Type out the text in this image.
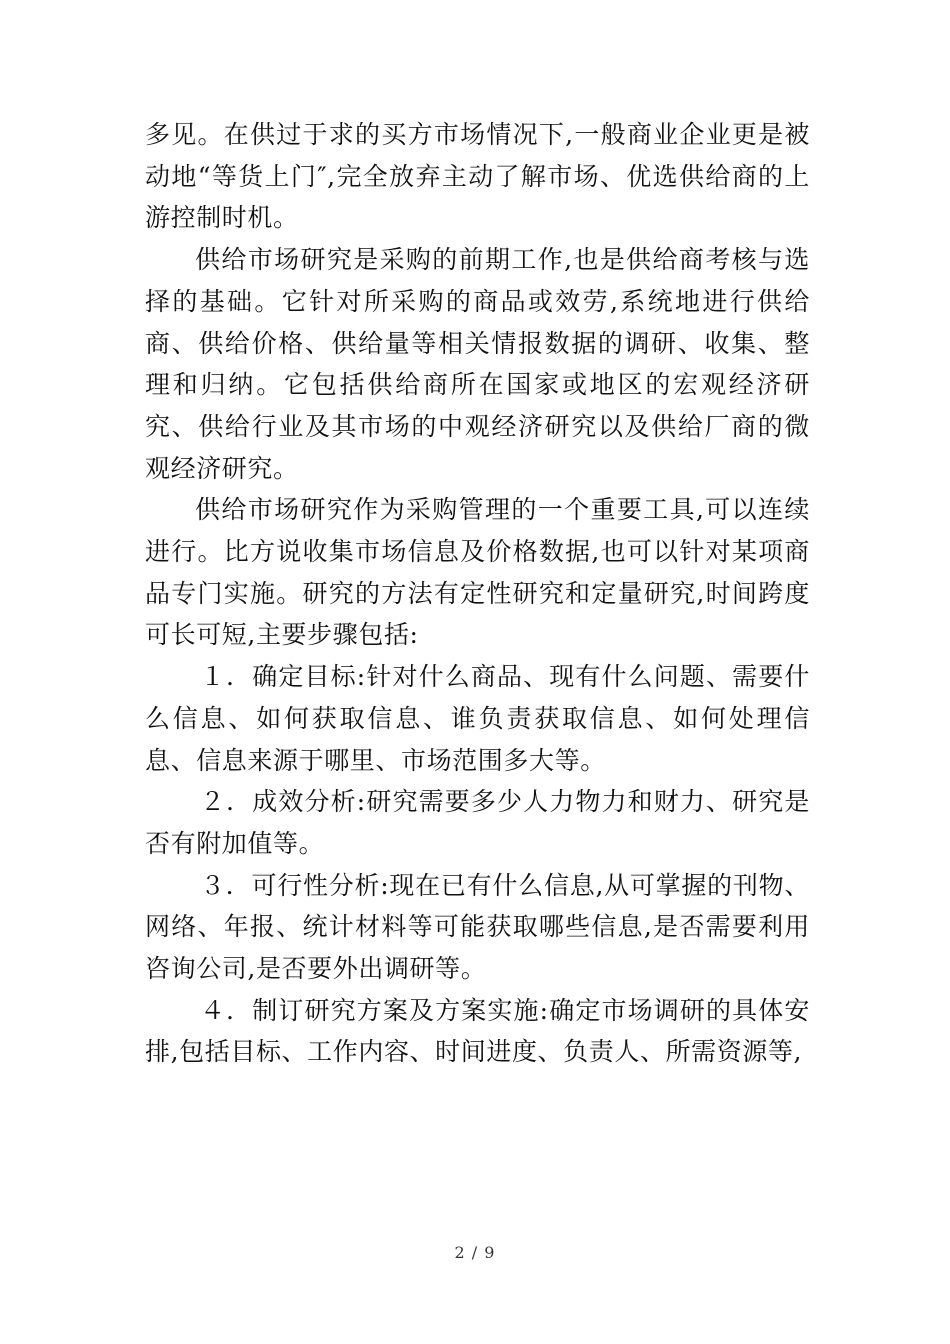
多见。在供过于求的买方市场情况下,一般商业企业更是被动地“等货上门″,完全放弃主动了解市场、优选供给商的上游控制时机。

供给市场研究是采购的前期工作,也是供给商考核与选择的基础。它针对所采购的商品或效劳,系统地进行供给商、供给价格、供给量等相关情报数据的调研、收集、整理和归纳。它包括供给商所在国家或地区的宏观经济研究、供给行业及其市场的中观经济研究以及供给厂商的微观经济研究。

供给市场研究作为采购管理的一个重要工具,可以连续进行。比方说收集市场信息及价格数据,也可以针对某项商品专门实施。研究的方法有定性研究和定量研究,时间跨度可长可短,主要步骤包括:

１．确定目标:针对什么商品、现有什么问题、需要什么信息、如何获取信息、谁负责获取信息、如何处理信息、信息来源于哪里、市场范围多大等。

２．成效分析:研究需要多少人力物力和财力、研究是否有附加值等。

３．可行性分析:现在已有什么信息,从可掌握的刊物、网络、年报、统计材料等可能获取哪些信息,是否需要利用咨询公司,是否要外出调研等。

４．制订研究方案及方案实施:确定市场调研的具体安排,包括目标、工作内容、时间进度、负责人、所需资源等,

2 / 9
